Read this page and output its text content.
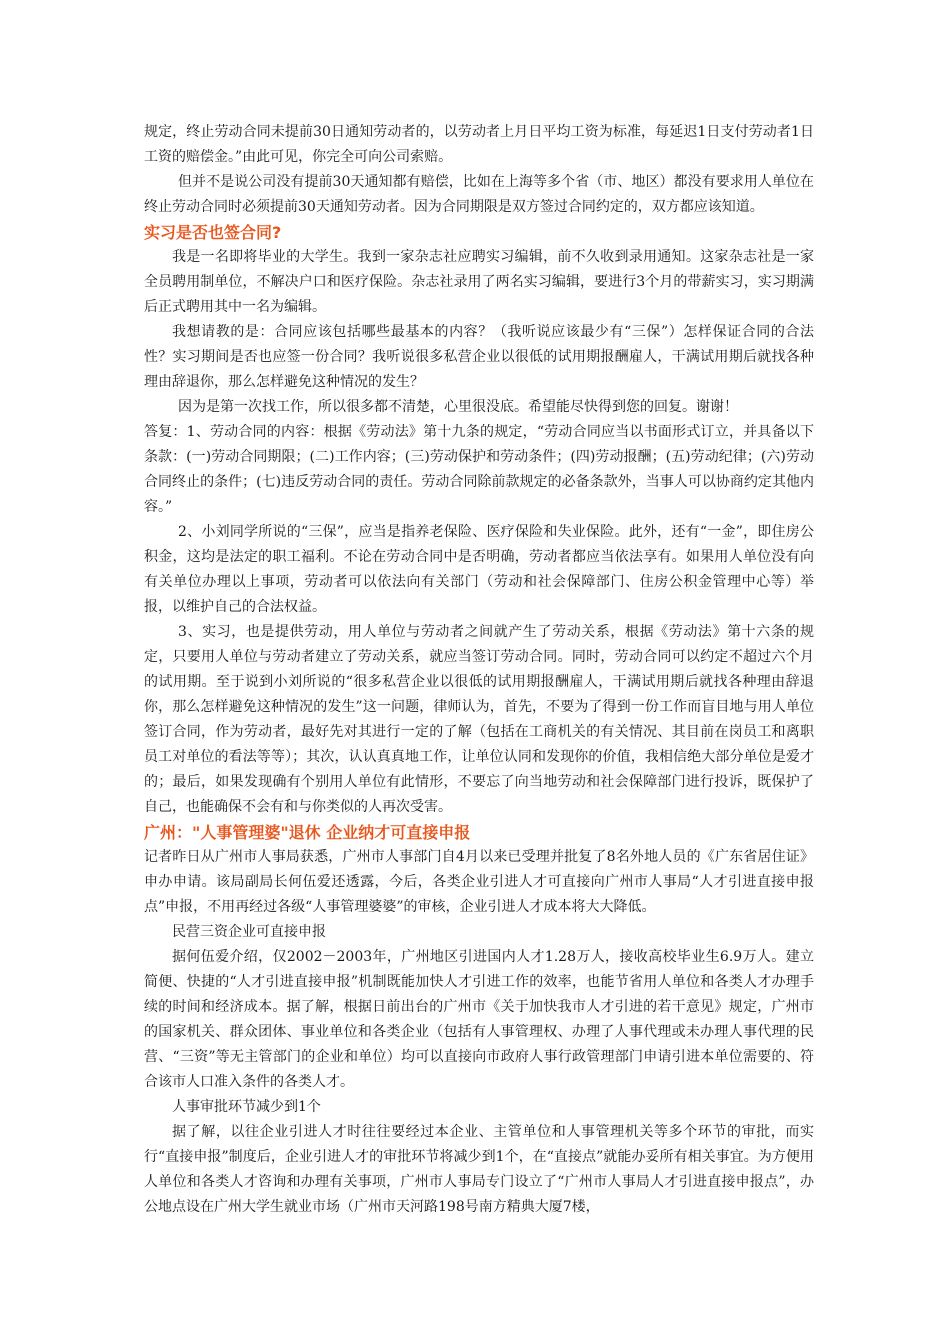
规定，终止劳动合同未提前30日通知劳动者的，以劳动者上月日平均工资为标准，每延迟1日支付劳动者1日工资的赔偿金。”由此可见，你完全可向公司索赔。

但并不是说公司没有提前30天通知都有赔偿，比如在上海等多个省（市、地区）都没有要求用人单位在终止劳动合同时必须提前30天通知劳动者。因为合同期限是双方签过合同约定的，双方都应该知道。

实习是否也签合同?

我是一名即将毕业的大学生。我到一家杂志社应聘实习编辑，前不久收到录用通知。这家杂志社是一家全员聘用制单位，不解决户口和医疗保险。杂志社录用了两名实习编辑，要进行3个月的带薪实习，实习期满后正式聘用其中一名为编辑。

我想请教的是：合同应该包括哪些最基本的内容？（我听说应该最少有“三保”）怎样保证合同的合法性？实习期间是否也应签一份合同？我听说很多私营企业以很低的试用期报酬雇人，干满试用期后就找各种理由辞退你，那么怎样避免这种情况的发生？

因为是第一次找工作，所以很多都不清楚，心里很没底。希望能尽快得到您的回复。谢谢！

答复：1、劳动合同的内容：根据《劳动法》第十九条的规定，“劳动合同应当以书面形式订立，并具备以下条款：(一)劳动合同期限；(二)工作内容；(三)劳动保护和劳动条件；(四)劳动报酬；(五)劳动纪律；(六)劳动合同终止的条件；(七)违反劳动合同的责任。劳动合同除前款规定的必备条款外，当事人可以协商约定其他内容。”

2、小刘同学所说的“三保”，应当是指养老保险、医疗保险和失业保险。此外，还有“一金”，即住房公积金，这均是法定的职工福利。不论在劳动合同中是否明确，劳动者都应当依法享有。如果用人单位没有向有关单位办理以上事项，劳动者可以依法向有关部门（劳动和社会保障部门、住房公积金管理中心等）举报，以维护自己的合法权益。

3、实习，也是提供劳动，用人单位与劳动者之间就产生了劳动关系，根据《劳动法》第十六条的规定，只要用人单位与劳动者建立了劳动关系，就应当签订劳动合同。同时，劳动合同可以约定不超过六个月的试用期。至于说到小刘所说的“很多私营企业以很低的试用期报酬雇人，干满试用期后就找各种理由辞退你，那么怎样避免这种情况的发生”这一问题，律师认为，首先，不要为了得到一份工作而盲目地与用人单位签订合同，作为劳动者，最好先对其进行一定的了解（包括在工商机关的有关情况、其目前在岗员工和离职员工对单位的看法等等）；其次，认认真真地工作，让单位认同和发现你的价值，我相信绝大部分单位是爱才的；最后，如果发现确有个别用人单位有此情形，不要忘了向当地劳动和社会保障部门进行投诉，既保护了自己，也能确保不会有和与你类似的人再次受害。

广州："人事管理婆"退休 企业纳才可直接申报

记者昨日从广州市人事局获悉，广州市人事部门自4月以来已受理并批复了8名外地人员的《广东省居住证》申办申请。该局副局长何伍爱还透露，今后，各类企业引进人才可直接向广州市人事局“人才引进直接申报点”申报，不用再经过各级“人事管理婆婆”的审核，企业引进人才成本将大大降低。

民营三资企业可直接申报

据何伍爱介绍，仅2002－2003年，广州地区引进国内人才1.28万人，接收高校毕业生6.9万人。建立简便、快捷的“人才引进直接申报”机制既能加快人才引进工作的效率，也能节省用人单位和各类人才办理手续的时间和经济成本。据了解，根据日前出台的广州市《关于加快我市人才引进的若干意见》规定，广州市的国家机关、群众团体、事业单位和各类企业（包括有人事管理权、办理了人事代理或未办理人事代理的民营、“三资”等无主管部门的企业和单位）均可以直接向市政府人事行政管理部门申请引进本单位需要的、符合该市人口准入条件的各类人才。

人事审批环节减少到1个

据了解，以往企业引进人才时往往要经过本企业、主管单位和人事管理机关等多个环节的审批，而实行“直接申报”制度后，企业引进人才的审批环节将减少到1个，在“直接点”就能办妥所有相关事宜。为方便用人单位和各类人才咨询和办理有关事项，广州市人事局专门设立了“广州市人事局人才引进直接申报点”，办公地点设在广州大学生就业市场（广州市天河路198号南方精典大厦7楼，
